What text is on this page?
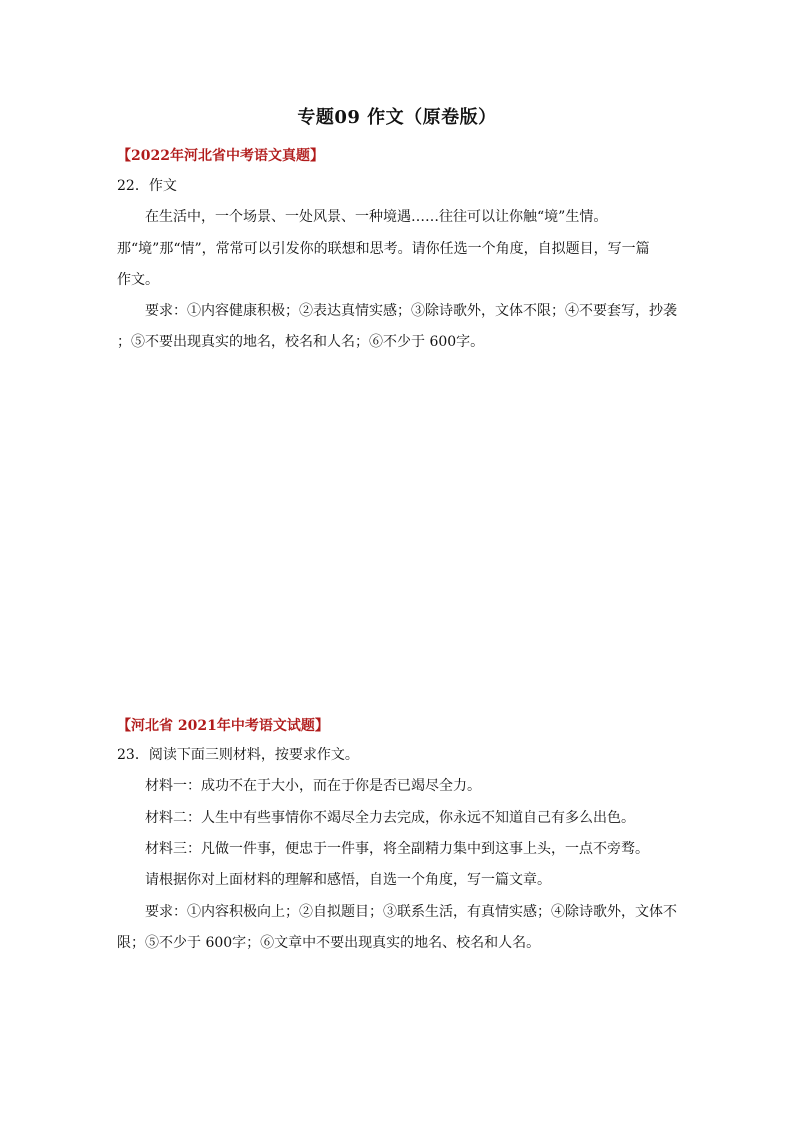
专题09 作文（原卷版）
【2022年河北省中考语文真题】
22．作文
在生活中，一个场景、一处风景、一种境遇……往往可以让你触“境”生情。
那“境”那“情”，常常可以引发你的联想和思考。请你任选一个角度，自拟题目，写一篇
作文。
要求：①内容健康积极；②表达真情实感；③除诗歌外，文体不限；④不要套写，抄袭
；⑤不要出现真实的地名，校名和人名；⑥不少于 600字。
【河北省 2021年中考语文试题】
23．阅读下面三则材料，按要求作文。
材料一：成功不在于大小，而在于你是否已竭尽全力。
材料二：人生中有些事情你不竭尽全力去完成，你永远不知道自己有多么出色。
材料三：凡做一件事，便忠于一件事，将全副精力集中到这事上头，一点不旁骛。
请根据你对上面材料的理解和感悟，自选一个角度，写一篇文章。
要求：①内容积极向上；②自拟题目；③联系生活，有真情实感；④除诗歌外，文体不
限；⑤不少于 600字；⑥文章中不要出现真实的地名、校名和人名。
